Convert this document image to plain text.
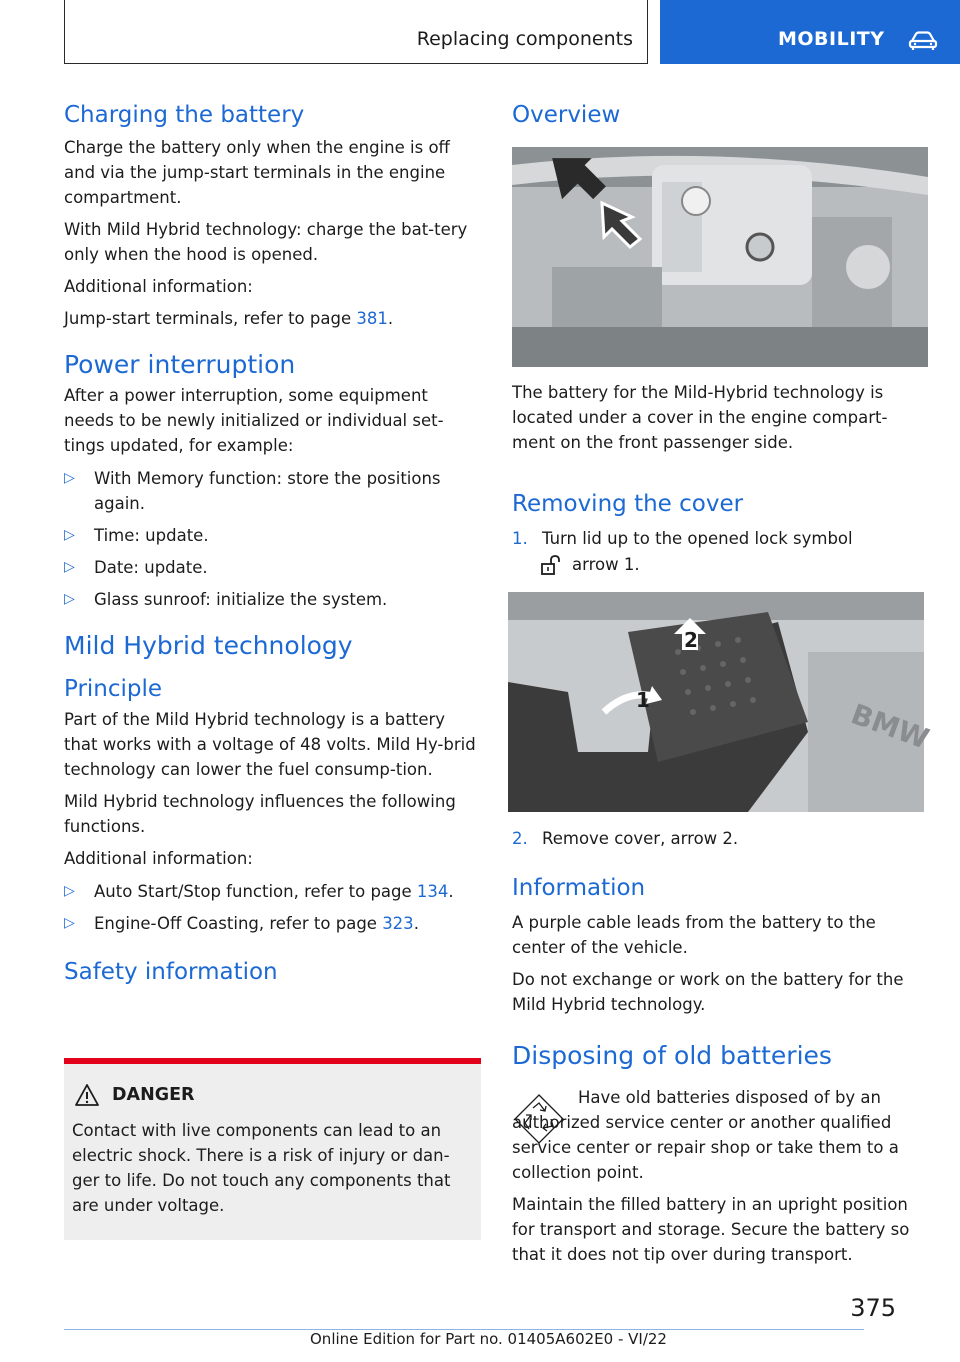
Replacing components	MOBILITY
Charging the battery

Charge the battery only when the engine is off and via the jump-start terminals in the engine compartment.

With Mild Hybrid technology: charge the bat-tery only when the hood is opened.

Additional information:

Jump-start terminals, refer to page 381.

Power interruption

After a power interruption, some equipment needs to be newly initialized or individual set-tings updated, for example:

▷ With Memory function: store the positions again.
▷ Time: update.
▷ Date: update.
▷ Glass sunroof: initialize the system.
Mild Hybrid technology
Principle

Part of the Mild Hybrid technology is a battery that works with a voltage of 48 volts. Mild Hy-brid technology can lower the fuel consump-tion.

Mild Hybrid technology influences the following functions.

Additional information:

▷ Auto Start/Stop function, refer to page 134.
▷ Engine-Off Coasting, refer to page 323.
Safety information

Contact with live components can lead to an electric shock. There is a risk of injury or dan-ger to life. Do not touch any components that are under voltage.

DANGER
Overview

The battery for the Mild-Hybrid technology is located under a cover in the engine compart-ment on the front passenger side.

Removing the cover
1. Turn lid up to the opened lock symbol
arrow 1.
2
1	BMW
2. Remove cover, arrow 2.
Information

A purple cable leads from the battery to the center of the vehicle.

Do not exchange or work on the battery for the Mild Hybrid technology.

Disposing of old batteries

Have old batteries disposed of by an authorized service center or another qualified service center or repair shop or take them to a collection point.

Maintain the filled battery in an upright position for transport and storage. Secure the battery so that it does not tip over during transport.

375
Online Edition for Part no. 01405A602E0 - VI/22
